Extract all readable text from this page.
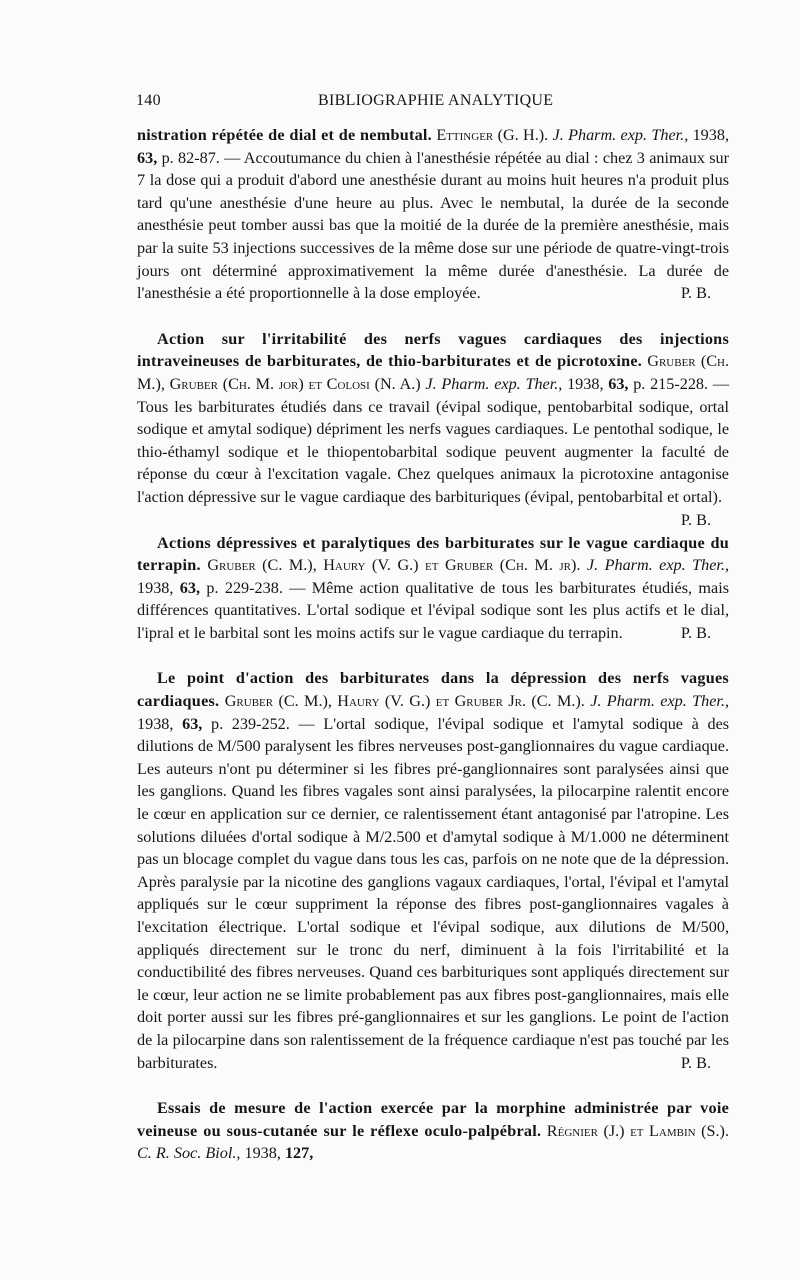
140	BIBLIOGRAPHIE ANALYTIQUE

nistration répétée de dial et de nembutal. Ettinger (G. H.). J. Pharm. exp. Ther., 1938, 63, p. 82-87. — Accoutumance du chien à l'anesthésie répétée au dial : chez 3 animaux sur 7 la dose qui a produit d'abord une anesthésie durant au moins huit heures n'a produit plus tard qu'une anesthésie d'une heure au plus. Avec le nembutal, la durée de la seconde anesthésie peut tomber aussi bas que la moitié de la durée de la première anesthésie, mais par la suite 53 injections successives de la même dose sur une période de quatre-vingt-trois jours ont déterminé approximativement la même durée d'anesthésie. La durée de l'anesthésie a été proportionnelle à la dose employée.	P. B.

Action sur l'irritabilité des nerfs vagues cardiaques des injections intraveineuses de barbiturates, de thio-barbiturates et de picrotoxine. Gruber (Ch. M.), Gruber (Ch. M. jor) et Colosi (N. A.) J. Pharm. exp. Ther., 1938, 63, p. 215-228. — Tous les barbiturates étudiés dans ce travail (évipal sodique, pentobarbital sodique, ortal sodique et amytal sodique) dépriment les nerfs vagues cardiaques. Le pentothal sodique, le thio-éthamyl sodique et le thiopentobarbital sodique peuvent augmenter la faculté de réponse du cœur à l'excitation vagale. Chez quelques animaux la picrotoxine antagonise l'action dépressive sur le vague cardiaque des barbituriques (évipal, pentobarbital et ortal).
P. B.

Actions dépressives et paralytiques des barbiturates sur le vague cardiaque du terrapin. Gruber (C. M.), Haury (V. G.) et Gruber (Ch. M. jr). J. Pharm. exp. Ther., 1938, 63, p. 229-238. — Même action qualitative de tous les barbiturates étudiés, mais différences quantitatives. L'ortal sodique et l'évipal sodique sont les plus actifs et le dial, l'ipral et le barbital sont les moins actifs sur le vague cardiaque du terrapin.	P. B.

Le point d'action des barbiturates dans la dépression des nerfs vagues cardiaques. Gruber (C. M.), Haury (V. G.) et Gruber Jr. (C. M.). J. Pharm. exp. Ther., 1938, 63, p. 239-252. — L'ortal sodique, l'évipal sodique et l'amytal sodique à des dilutions de M/500 paralysent les fibres nerveuses post-ganglionnaires du vague cardiaque. Les auteurs n'ont pu déterminer si les fibres pré-ganglionnaires sont paralysées ainsi que les ganglions. Quand les fibres vagales sont ainsi paralysées, la pilocarpine ralentit encore le cœur en application sur ce dernier, ce ralentissement étant antagonisé par l'atropine. Les solutions diluées d'ortal sodique à M/2.500 et d'amytal sodique à M/1.000 ne déterminent pas un blocage complet du vague dans tous les cas, parfois on ne note que de la dépression. Après paralysie par la nicotine des ganglions vagaux cardiaques, l'ortal, l'évipal et l'amytal appliqués sur le cœur suppriment la réponse des fibres post-ganglionnaires vagales à l'excitation électrique. L'ortal sodique et l'évipal sodique, aux dilutions de M/500, appliqués directement sur le tronc du nerf, diminuent à la fois l'irritabilité et la conductibilité des fibres nerveuses. Quand ces barbituriques sont appliqués directement sur le cœur, leur action ne se limite probablement pas aux fibres post-ganglionnaires, mais elle doit porter aussi sur les fibres pré-ganglionnaires et sur les ganglions. Le point de l'action de la pilocarpine dans son ralentissement de la fréquence cardiaque n'est pas touché par les barbiturates.	P. B.

Essais de mesure de l'action exercée par la morphine administrée par voie veineuse ou sous-cutanée sur le réflexe oculo-palpébral. Régnier (J.) et Lambin (S.). C. R. Soc. Biol., 1938, 127,
